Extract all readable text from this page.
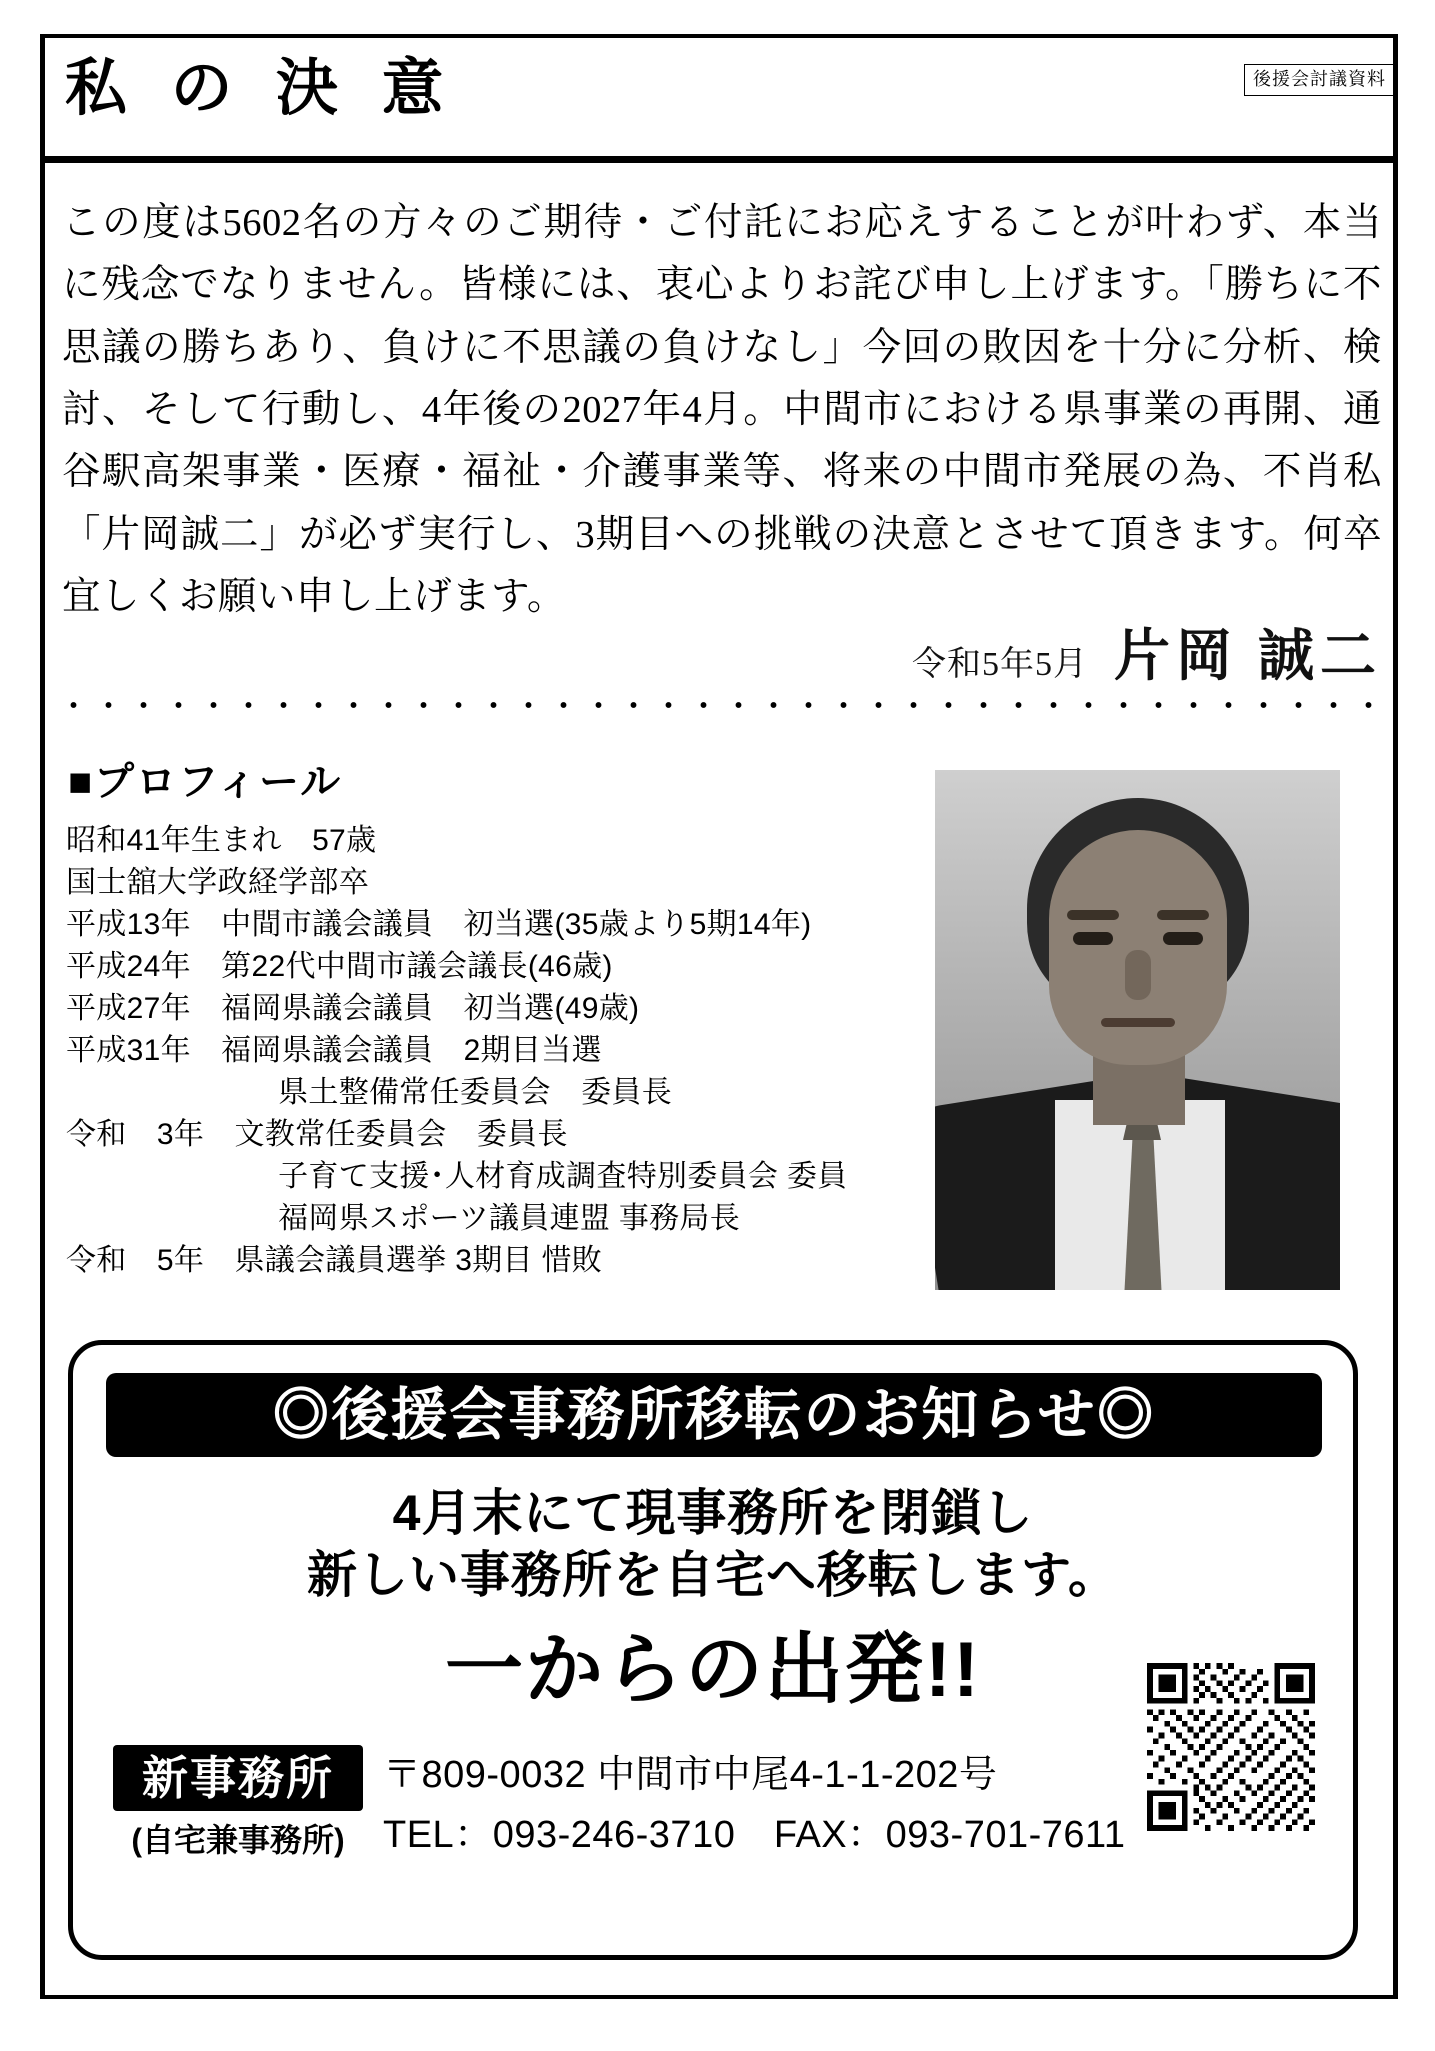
私 の 決 意	後援会討議資料
この度は5602名の方々のご期待・ご付託にお応えすることが叶わず、本当に残念でなりません。皆様には、衷心よりお詫び申し上げます。「勝ちに不思議の勝ちあり、負けに不思議の負けなし」今回の敗因を十分に分析、検討、そして行動し、4年後の2027年4月。中間市における県事業の再開、通谷駅高架事業・医療・福祉・介護事業等、将来の中間市発展の為、不肖私「片岡誠二」が必ず実行し、3期目への挑戦の決意とさせて頂きます。何卒宜しくお願い申し上げます。
令和5年5月 片岡 誠二
■プロフィール
昭和41年生まれ　57歳
国士舘大学政経学部卒
平成13年　中間市議会議員　初当選(35歳より5期14年)
平成24年　第22代中間市議会議長(46歳)
平成27年　福岡県議会議員　初当選(49歳)
平成31年　福岡県議会議員　2期目当選
　　　　　　　県土整備常任委員会　委員長
令和　3年　文教常任委員会　委員長
　　　　　　　子育て支援･人材育成調査特別委員会 委員
　　　　　　　福岡県スポーツ議員連盟 事務局長
令和　5年　県議会議員選挙 3期目 惜敗
◎後援会事務所移転のお知らせ◎
4月末にて現事務所を閉鎖し
新しい事務所を自宅へ移転します。
一からの出発!!
新事務所
(自宅兼事務所)
〒809-0032 中間市中尾4-1-1-202号
TEL：093-246-3710　FAX：093-701-7611
